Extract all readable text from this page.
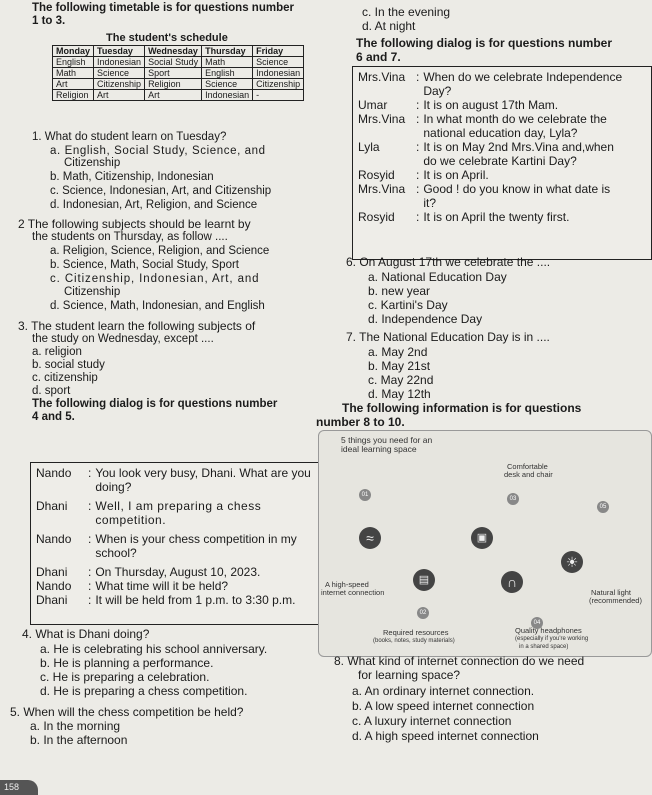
The following timetable is for questions number
1 to 3.
The student's schedule
Monday	Tuesday	Wednesday	Thursday	Friday
English	Indonesian	Social Study	Math	Science
Math	Science	Sport	English	Indonesian
Art	Citizenship	Religion	Science	Citizenship
Religion	Art	Art	Indonesian	-
1. What do student learn on Tuesday?
a. English, Social Study, Science, and
Citizenship
b. Math, Citizenship, Indonesian
c. Science, Indonesian, Art, and Citizenship
d. Indonesian, Art, Religion, and Science
2 The following subjects should be learnt by
the students on Thursday, as follow ....
a. Religion, Science, Religion, and Science
b. Science, Math, Social Study, Sport
c. Citizenship, Indonesian, Art, and
Citizenship
d. Science, Math, Indonesian, and English
3. The student learn the following subjects of
the study on Wednesday, except ....
a. religion
b. social study
c. citizenship
d. sport
The following dialog is for questions number
4 and 5.
Nando	: You look very busy, Dhani. What are you doing?
Dhani	: Well, I am preparing a chess competition.
Nando	: When is your chess competition in my school?
Dhani	: On Thursday, August 10, 2023.
Nando	: What time will it be held?
Dhani	: It will be held from 1 p.m. to 3:30 p.m.
4. What is Dhani doing?
a. He is celebrating his school anniversary.
b. He is planning a performance.
c. He is preparing a celebration.
d. He is preparing a chess competition.
5. When will the chess competition be held?
a. In the morning
b. In the afternoon
158
c. In the evening
d. At night
The following dialog is for questions number
6 and 7.
Mrs.Vina : When do we celebrate Independence
Day?
Umar	: It is on august 17th Mam.
Mrs.Vina : In what month do we celebrate the
national education day, Lyla?
Lyla	: It is on May 2nd Mrs.Vina and,when
do we celebrate Kartini Day?
Rosyid	: It is on April.
Mrs.Vina : Good ! do you know in what date is
it?
Rosyid	: It is on April the twenty first.
6. On August 17th we celebrate the ....
a. National Education Day
b. new year
c. Kartini's Day
d. Independence Day
7. The National Education Day is in ....
a. May 2nd
b. May 21st
c. May 22nd
d. May 12th
The following information is for questions
number 8 to 10.
5 things you need for an
ideal learning space
Comfortable
desk and chair
01
03
05
≈	▣
▤	∩
☀
A high-speed
internet connection	Natural light
(recommended)
02
04
Required resources
(books, notes, study materials)
Quality headphones
(especially if you're working
in a shared space)
8. What kind of internet connection do we need
for learning space?
a. An ordinary internet connection.
b. A low speed internet connection
c. A luxury internet connection
d. A high speed internet connection
